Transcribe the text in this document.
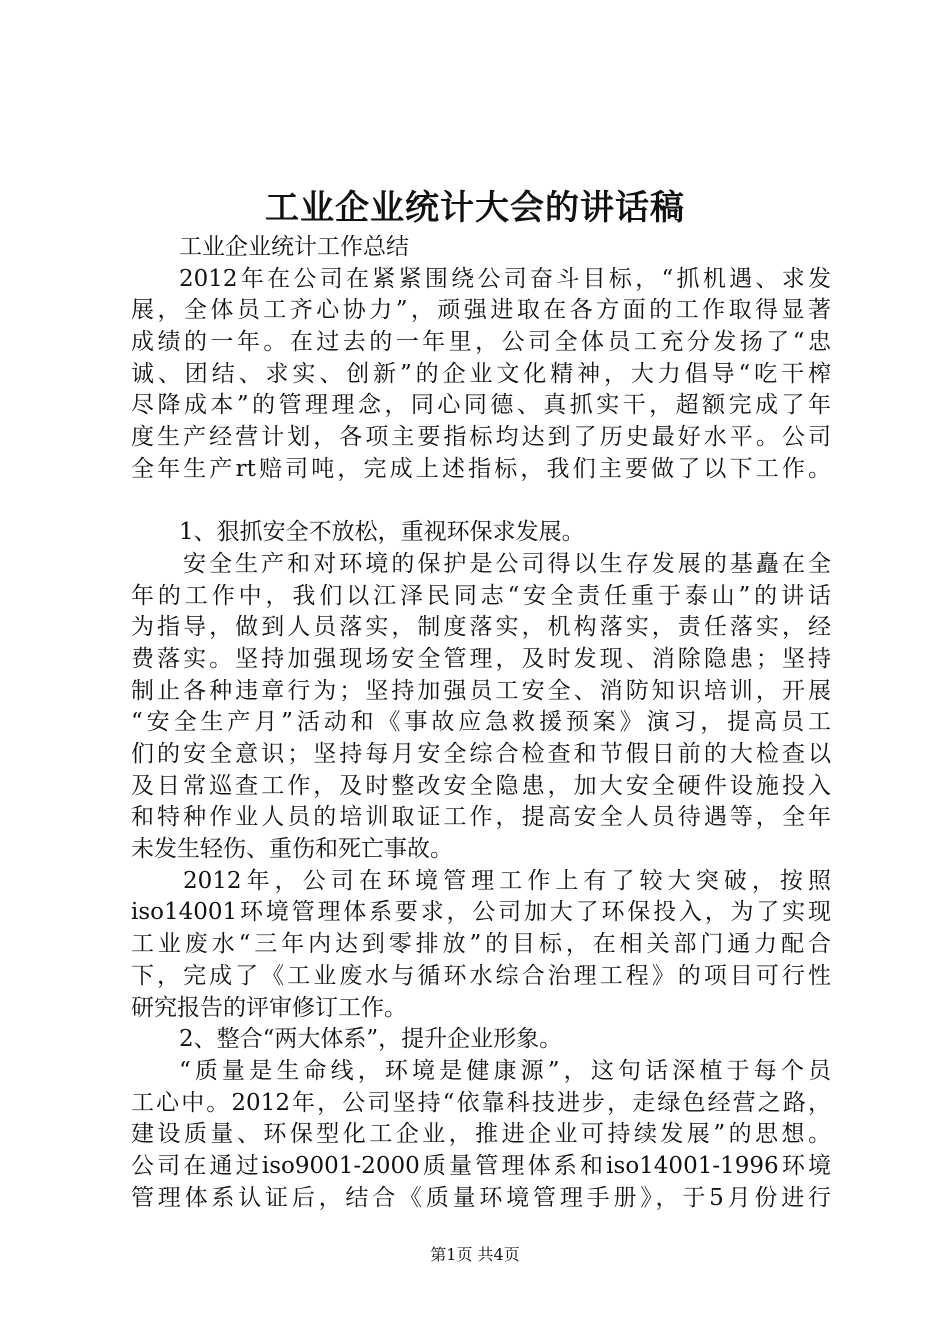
工业企业统计大会的讲话稿
工业企业统计工作总结
2012年在公司在紧紧围绕公司奋斗目标，“抓机遇、求发
展，全体员工齐心协力”，顽强进取在各方面的工作取得显著
成绩的一年。在过去的一年里，公司全体员工充分发扬了“忠
诚、团结、求实、创新”的企业文化精神，大力倡导“吃干榨
尽降成本”的管理理念，同心同德、真抓实干，超额完成了年
度生产经营计划，各项主要指标均达到了历史最好水平。公司
全年生产rt赔司吨，完成上述指标，我们主要做了以下工作。
1、狠抓安全不放松，重视环保求发展。
安全生产和对环境的保护是公司得以生存发展的基矗在全
年的工作中，我们以江泽民同志“安全责任重于泰山”的讲话
为指导，做到人员落实，制度落实，机构落实，责任落实，经
费落实。坚持加强现场安全管理，及时发现、消除隐患；坚持
制止各种违章行为；坚持加强员工安全、消防知识培训，开展
“安全生产月”活动和《事故应急救援预案》演习，提高员工
们的安全意识；坚持每月安全综合检查和节假日前的大检查以
及日常巡查工作，及时整改安全隐患，加大安全硬件设施投入
和特种作业人员的培训取证工作，提高安全人员待遇等，全年
未发生轻伤、重伤和死亡事故。
2012年，公司在环境管理工作上有了较大突破，按照
iso14001环境管理体系要求，公司加大了环保投入，为了实现
工业废水“三年内达到零排放”的目标，在相关部门通力配合
下，完成了《工业废水与循环水综合治理工程》的项目可行性
研究报告的评审修订工作。
2、整合“两大体系”，提升企业形象。
“质量是生命线，环境是健康源”，这句话深植于每个员
工心中。2012年，公司坚持“依靠科技进步，走绿色经营之路，
建设质量、环保型化工企业，推进企业可持续发展”的思想。
公司在通过iso9001-2000质量管理体系和iso14001-1996环境
管理体系认证后，结合《质量环境管理手册》，于5月份进行
第1页 共4页
